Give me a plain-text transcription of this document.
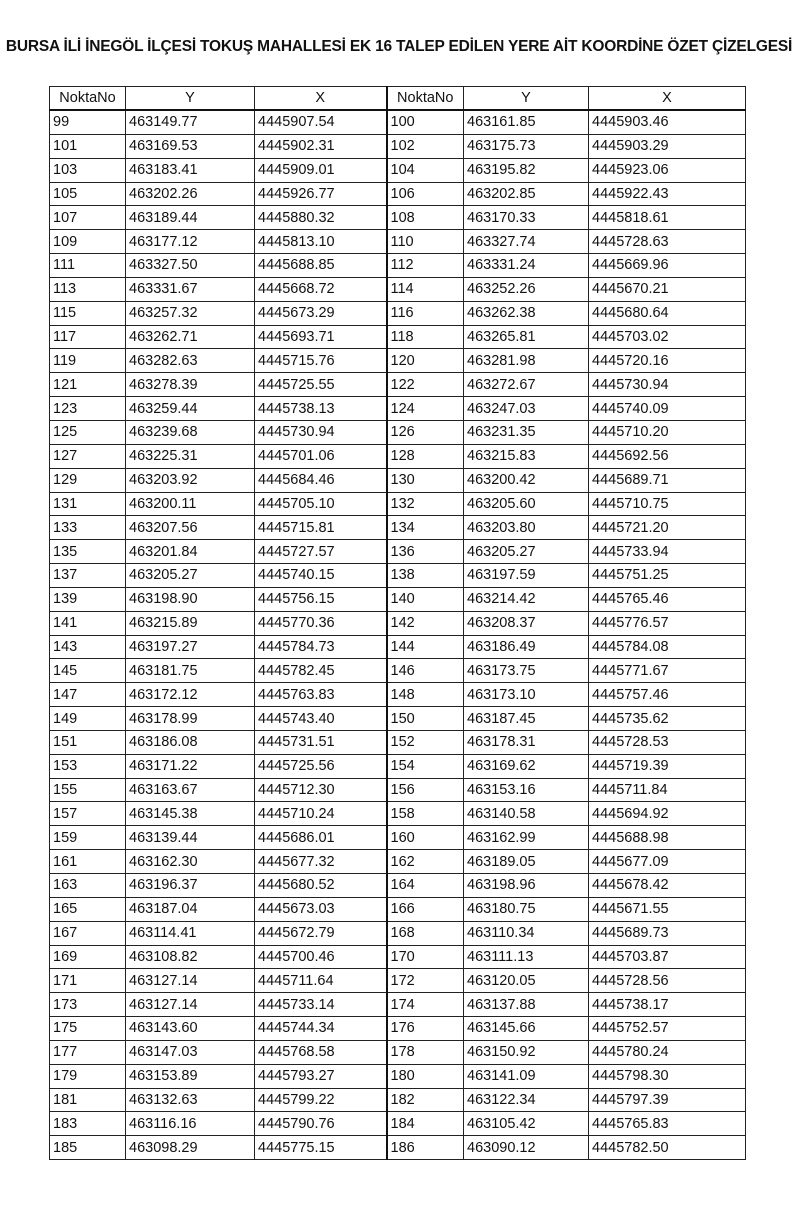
BURSA İLİ İNEGÖL İLÇESİ TOKUŞ MAHALLESİ EK 16 TALEP EDİLEN YERE AİT KOORDİNE ÖZET ÇİZELGESİ
NoktaNo	Y	X	NoktaNo	Y	X
99	463149.77	4445907.54	100	463161.85	4445903.46
101	463169.53	4445902.31	102	463175.73	4445903.29
103	463183.41	4445909.01	104	463195.82	4445923.06
105	463202.26	4445926.77	106	463202.85	4445922.43
107	463189.44	4445880.32	108	463170.33	4445818.61
109	463177.12	4445813.10	110	463327.74	4445728.63
111	463327.50	4445688.85	112	463331.24	4445669.96
113	463331.67	4445668.72	114	463252.26	4445670.21
115	463257.32	4445673.29	116	463262.38	4445680.64
117	463262.71	4445693.71	118	463265.81	4445703.02
119	463282.63	4445715.76	120	463281.98	4445720.16
121	463278.39	4445725.55	122	463272.67	4445730.94
123	463259.44	4445738.13	124	463247.03	4445740.09
125	463239.68	4445730.94	126	463231.35	4445710.20
127	463225.31	4445701.06	128	463215.83	4445692.56
129	463203.92	4445684.46	130	463200.42	4445689.71
131	463200.11	4445705.10	132	463205.60	4445710.75
133	463207.56	4445715.81	134	463203.80	4445721.20
135	463201.84	4445727.57	136	463205.27	4445733.94
137	463205.27	4445740.15	138	463197.59	4445751.25
139	463198.90	4445756.15	140	463214.42	4445765.46
141	463215.89	4445770.36	142	463208.37	4445776.57
143	463197.27	4445784.73	144	463186.49	4445784.08
145	463181.75	4445782.45	146	463173.75	4445771.67
147	463172.12	4445763.83	148	463173.10	4445757.46
149	463178.99	4445743.40	150	463187.45	4445735.62
151	463186.08	4445731.51	152	463178.31	4445728.53
153	463171.22	4445725.56	154	463169.62	4445719.39
155	463163.67	4445712.30	156	463153.16	4445711.84
157	463145.38	4445710.24	158	463140.58	4445694.92
159	463139.44	4445686.01	160	463162.99	4445688.98
161	463162.30	4445677.32	162	463189.05	4445677.09
163	463196.37	4445680.52	164	463198.96	4445678.42
165	463187.04	4445673.03	166	463180.75	4445671.55
167	463114.41	4445672.79	168	463110.34	4445689.73
169	463108.82	4445700.46	170	463111.13	4445703.87
171	463127.14	4445711.64	172	463120.05	4445728.56
173	463127.14	4445733.14	174	463137.88	4445738.17
175	463143.60	4445744.34	176	463145.66	4445752.57
177	463147.03	4445768.58	178	463150.92	4445780.24
179	463153.89	4445793.27	180	463141.09	4445798.30
181	463132.63	4445799.22	182	463122.34	4445797.39
183	463116.16	4445790.76	184	463105.42	4445765.83
185	463098.29	4445775.15	186	463090.12	4445782.50
